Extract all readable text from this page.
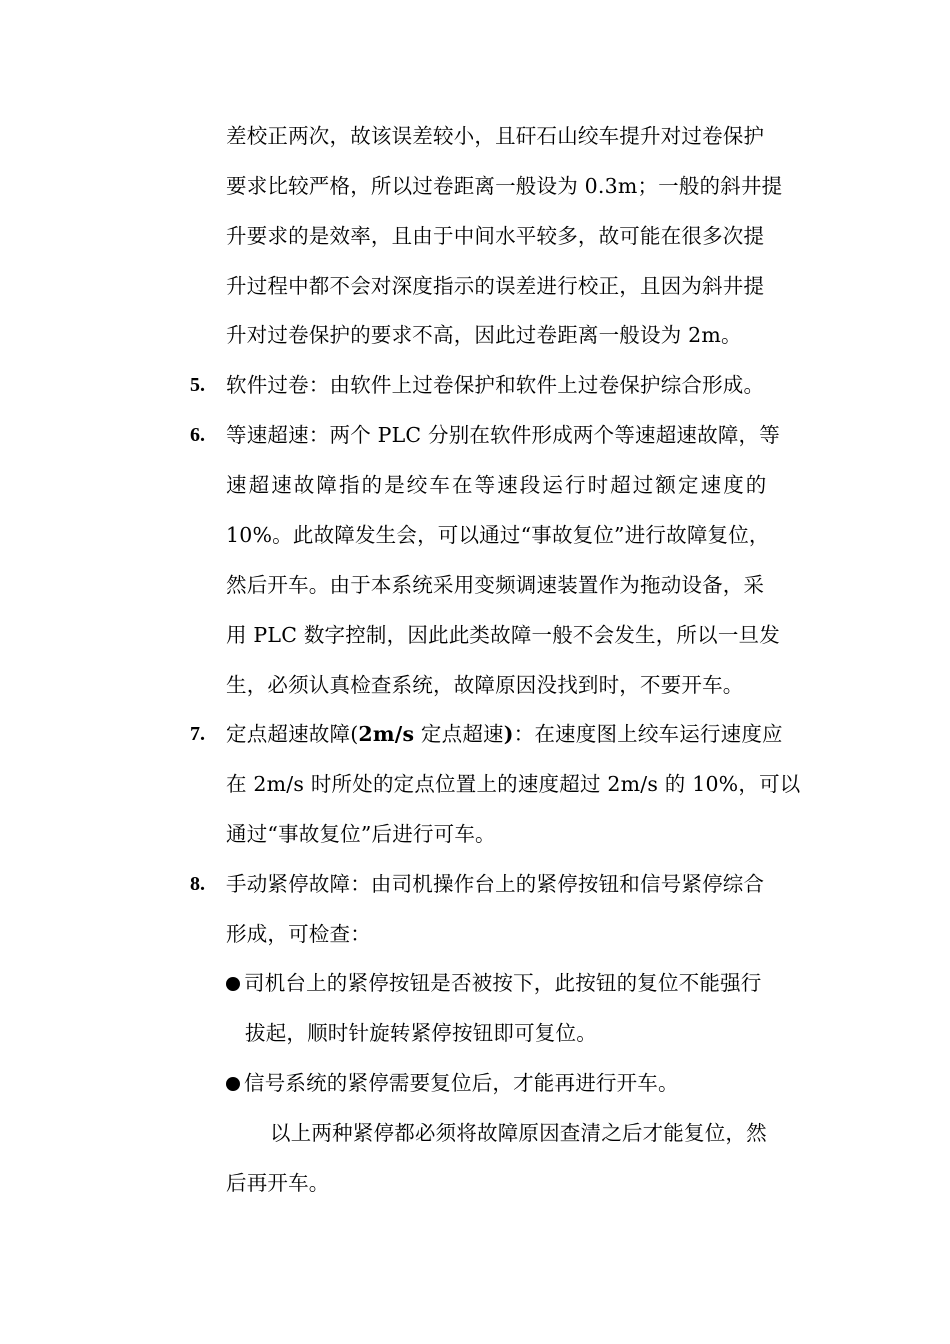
差校正两次，故该误差较小，且矸石山绞车提升对过卷保护
要求比较严格，所以过卷距离一般设为 0.3m；一般的斜井提
升要求的是效率，且由于中间水平较多，故可能在很多次提
升过程中都不会对深度指示的误差进行校正，且因为斜井提
升对过卷保护的要求不高，因此过卷距离一般设为 2m。
5. 软件过卷：由软件上过卷保护和软件上过卷保护综合形成。
6. 等速超速：两个 PLC 分别在软件形成两个等速超速故障，等
速超速故障指的是绞车在等速段运行时超过额定速度的
10%。此故障发生会，可以通过“事故复位”进行故障复位，
然后开车。由于本系统采用变频调速装置作为拖动设备，采
用 PLC 数字控制，因此此类故障一般不会发生，所以一旦发
生，必须认真检查系统，故障原因没找到时，不要开车。
7. 定点超速故障(2m/s 定点超速)：在速度图上绞车运行速度应
在 2m/s 时所处的定点位置上的速度超过 2m/s 的 10%，可以
通过“事故复位”后进行可车。
8. 手动紧停故障：由司机操作台上的紧停按钮和信号紧停综合
形成，可检查：
司机台上的紧停按钮是否被按下，此按钮的复位不能强行
拔起，顺时针旋转紧停按钮即可复位。
信号系统的紧停需要复位后，才能再进行开车。
以上两种紧停都必须将故障原因查清之后才能复位，然
后再开车。
